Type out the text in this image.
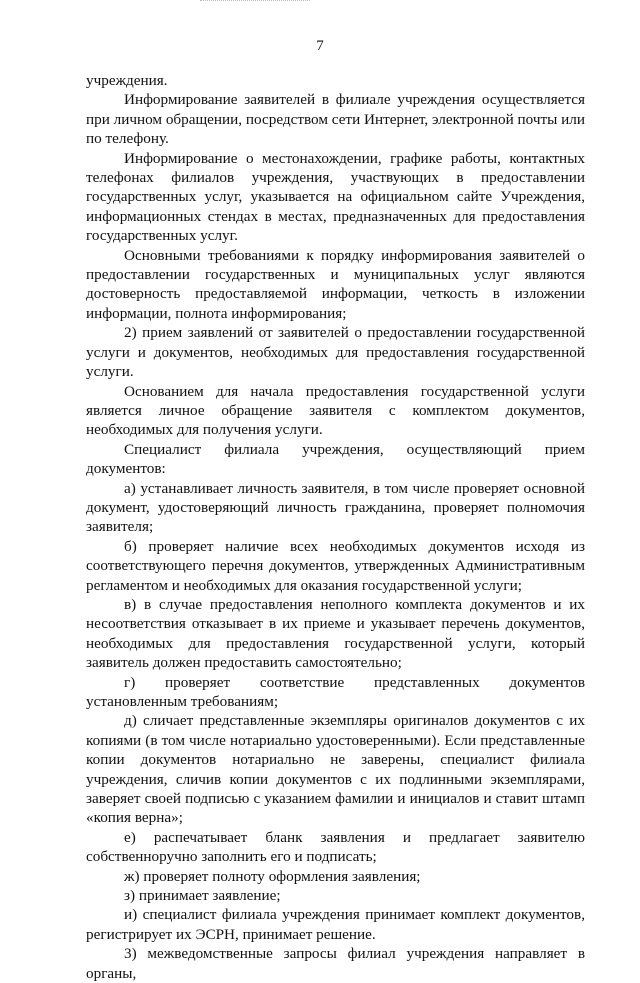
7

учреждения.

Информирование заявителей в филиале учреждения осуществляется при личном обращении, посредством сети Интернет, электронной почты или по телефону.

Информирование о местонахождении, графике работы, контактных телефонах филиалов учреждения, участвующих в предоставлении государственных услуг, указывается на официальном сайте Учреждения, информационных стендах в местах, предназначенных для предоставления государственных услуг.

Основными требованиями к порядку информирования заявителей о предоставлении государственных и муниципальных услуг являются достоверность предоставляемой информации, четкость в изложении информации, полнота информирования;

2) прием заявлений от заявителей о предоставлении государственной услуги и документов, необходимых для предоставления государственной услуги.

Основанием для начала предоставления государственной услуги является личное обращение заявителя с комплектом документов, необходимых для получения услуги.

Специалист филиала учреждения, осуществляющий прием документов:

а) устанавливает личность заявителя, в том числе проверяет основной документ, удостоверяющий личность гражданина, проверяет полномочия заявителя;

б) проверяет наличие всех необходимых документов исходя из соответствующего перечня документов, утвержденных Административным регламентом и необходимых для оказания государственной услуги;

в) в случае предоставления неполного комплекта документов и их несоответствия отказывает в их приеме и указывает перечень документов, необходимых для предоставления государственной услуги, который заявитель должен предоставить самостоятельно;

г) проверяет соответствие представленных документов установленным требованиям;

д) сличает представленные экземпляры оригиналов документов с их копиями (в том числе нотариально удостоверенными). Если представленные копии документов нотариально не заверены, специалист филиала учреждения, сличив копии документов с их подлинными экземплярами, заверяет своей подписью с указанием фамилии и инициалов и ставит штамп «копия верна»;

е) распечатывает бланк заявления и предлагает заявителю собственноручно заполнить его и подписать;

ж) проверяет полноту оформления заявления;

з) принимает заявление;

и) специалист филиала учреждения принимает комплект документов, регистрирует их ЭСРН, принимает решение.

3) межведомственные запросы филиал учреждения направляет в органы,
